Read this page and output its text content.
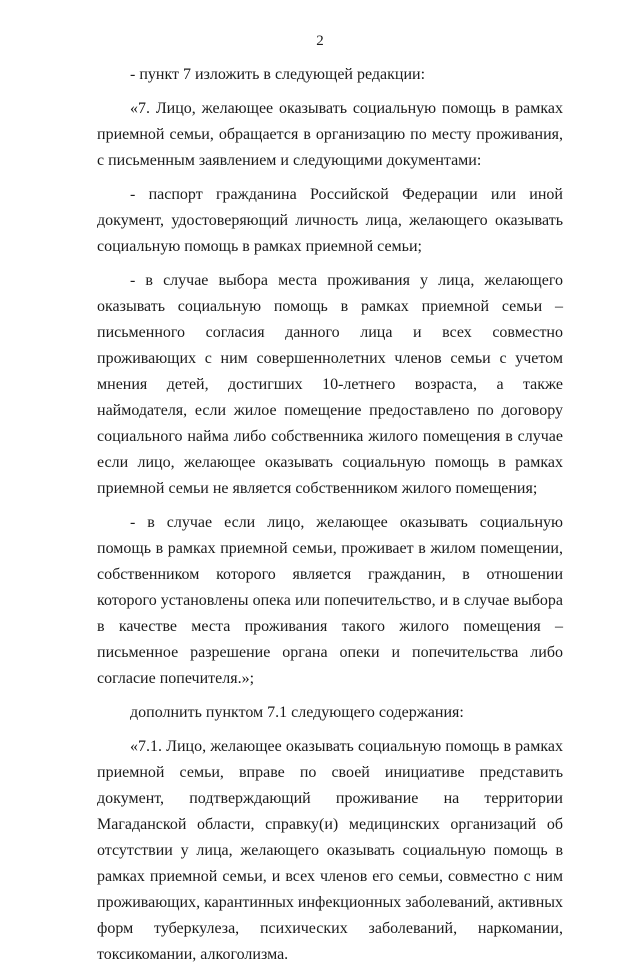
2

- пункт 7 изложить в следующей редакции:

«7. Лицо, желающее оказывать социальную помощь в рамках приемной семьи, обращается в организацию по месту проживания, с письменным заявлением и следующими документами:

- паспорт гражданина Российской Федерации или иной документ, удостоверяющий личность лица, желающего оказывать социальную помощь в рамках приемной семьи;

- в случае выбора места проживания у лица, желающего оказывать социальную помощь в рамках приемной семьи – письменного согласия данного лица и всех совместно проживающих с ним совершеннолетних членов семьи с учетом мнения детей, достигших 10-летнего возраста, а также наймодателя, если жилое помещение предоставлено по договору социального найма либо собственника жилого помещения в случае если лицо, желающее оказывать социальную помощь в рамках приемной семьи не является собственником жилого помещения;

- в случае если лицо, желающее оказывать социальную помощь в рамках приемной семьи, проживает в жилом помещении, собственником которого является гражданин, в отношении которого установлены опека или попечительство, и в случае выбора в качестве места проживания такого жилого помещения – письменное разрешение органа опеки и попечительства либо согласие попечителя.»;

дополнить пунктом 7.1 следующего содержания:

«7.1. Лицо, желающее оказывать социальную помощь в рамках приемной семьи, вправе по своей инициативе представить документ, подтверждающий проживание на территории Магаданской области, справку(и) медицинских организаций об отсутствии у лица, желающего оказывать социальную помощь в рамках приемной семьи, и всех членов его семьи, совместно с ним проживающих, карантинных инфекционных заболеваний, активных форм туберкулеза, психических заболеваний, наркомании, токсикомании, алкоголизма.
